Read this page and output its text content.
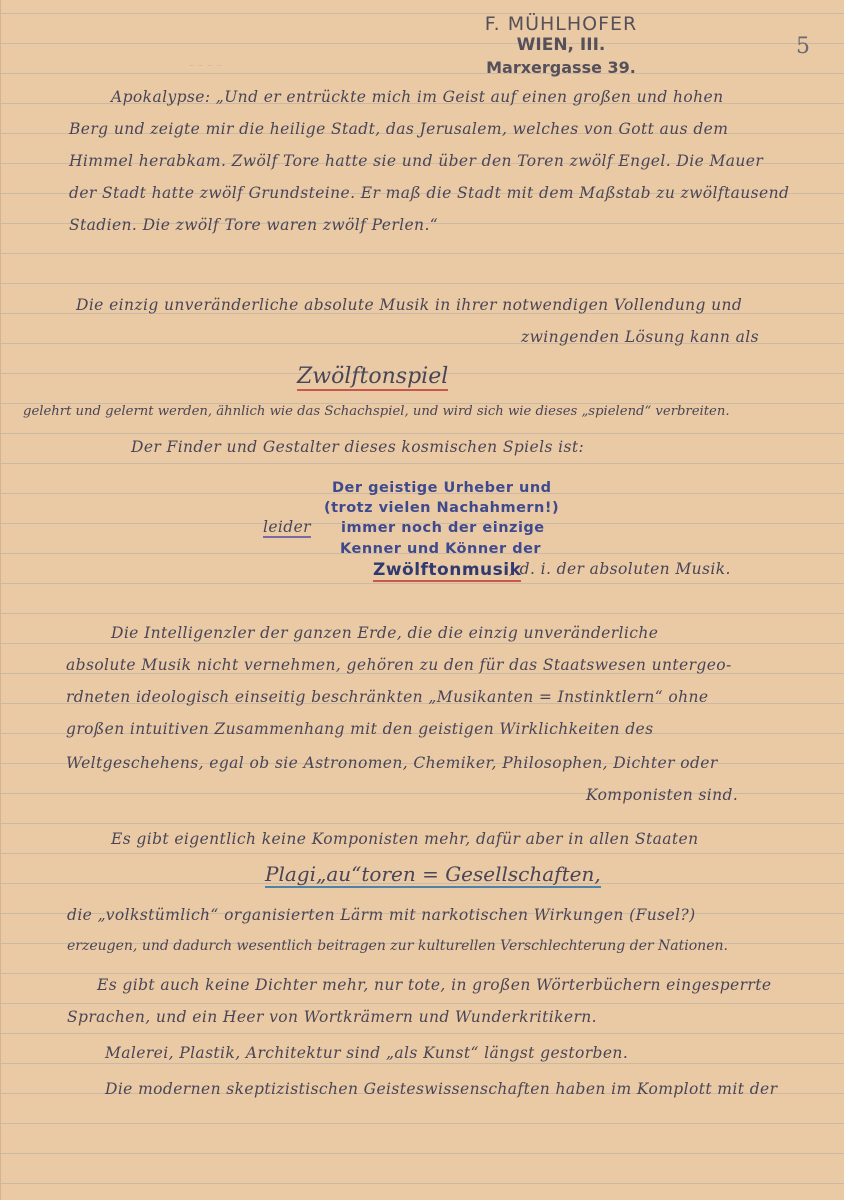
F. MÜHLHOFER
WIEN, III.
Marxergasse 39.
5
_ _ _ _
Apokalypse: „Und er entrückte mich im Geist auf einen großen und hohen
Berg und zeigte mir die heilige Stadt, das Jerusalem, welches von Gott aus dem
Himmel herabkam. Zwölf Tore hatte sie und über den Toren zwölf Engel. Die Mauer
der Stadt hatte zwölf Grundsteine. Er maß die Stadt mit dem Maßstab zu zwölftausend
Stadien. Die zwölf Tore waren zwölf Perlen.“
Die einzig unveränderliche absolute Musik in ihrer notwendigen Vollendung und
zwingenden Lösung kann als
Zwölftonspiel
gelehrt und gelernt werden, ähnlich wie das Schachspiel, und wird sich wie dieses „spielend“ verbreiten.
Der Finder und Gestalter dieses kosmischen Spiels ist:
Der geistige Urheber und
(trotz vielen Nachahmern!)
leider immer noch der einzige
Kenner und Könner der
Zwölftonmusik
, d. i. der absoluten Musik.
Die Intelligenzler der ganzen Erde, die die einzig unveränderliche
absolute Musik nicht vernehmen, gehören zu den für das Staatswesen untergeo-
rdneten ideologisch einseitig beschränkten „Musikanten = Instinktlern“ ohne
großen intuitiven Zusammenhang mit den geistigen Wirklichkeiten des
Weltgeschehens, egal ob sie Astronomen, Chemiker, Philosophen, Dichter oder
Komponisten sind.
Es gibt eigentlich keine Komponisten mehr, dafür aber in allen Staaten
Plagi„au“toren = Gesellschaften,
die „volkstümlich“ organisierten Lärm mit narkotischen Wirkungen (Fusel?)
erzeugen, und dadurch wesentlich beitragen zur kulturellen Verschlechterung der Nationen.
Es gibt auch keine Dichter mehr, nur tote, in großen Wörterbüchern eingesperrte
Sprachen, und ein Heer von Wortkrämern und Wunderkritikern.
Malerei, Plastik, Architektur sind „als Kunst“ längst gestorben.
Die modernen skeptizistischen Geisteswissenschaften haben im Komplott mit der
